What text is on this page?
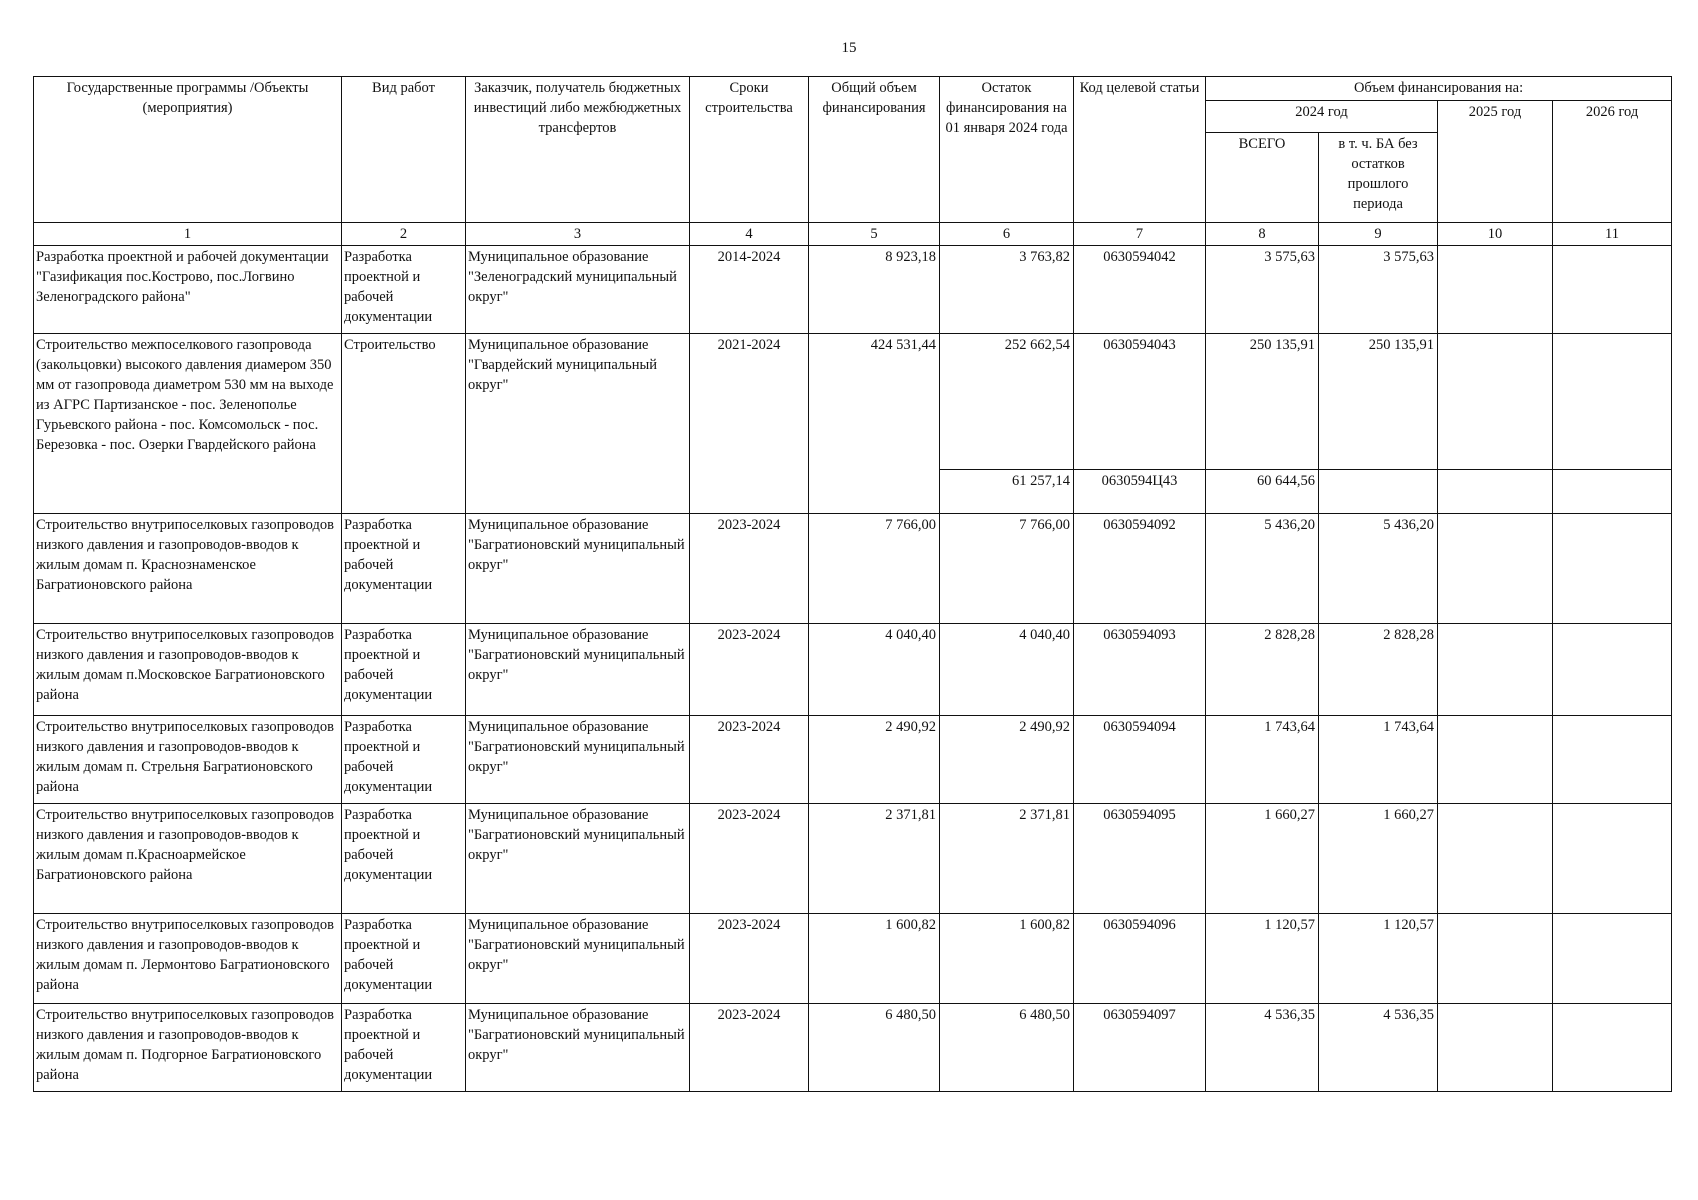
15
Государственные программы /Объекты (мероприятия)	Вид работ	Заказчик, получатель бюджетных инвестиций либо межбюджетных трансфертов	Сроки строительства	Общий объем финансирования	Остаток финансирования на 01 января 2024 года	Код целевой статьи	Объем финансирования на:			
							2024 год		2025 год	2026 год
							ВСЕГО	в т. ч. БА без остатков прошлого периода		
1	2	3	4	5	6	7	8	9	10	11
Разработка проектной и рабочей документации "Газификация пос.Кострово, пос.Логвино Зеленоградского района"	Разработка проектной и рабочей документации	Муниципальное образование "Зеленоградский муниципальный округ"	2014-2024	8 923,18	3 763,82	0630594042	3 575,63	3 575,63		
Строительство межпоселкового газопровода (закольцовки) высокого давления диамером 350 мм от газопровода диаметром 530 мм на выходе из АГРС Партизанское - пос. Зеленополье Гурьевского района - пос. Комсомольск - пос. Березовка - пос. Озерки Гвардейского района	Строительство	Муниципальное образование "Гвардейский муниципальный округ"	2021-2024	424 531,44	252 662,54	0630594043	250 135,91	250 135,91		
					61 257,14	0630594Ц43	60 644,56			
Строительство внутрипоселковых газопроводов низкого давления и газопроводов-вводов к жилым домам п. Краснознаменское Багратионовского района	Разработка проектной и рабочей документации	Муниципальное образование "Багратионовский муниципальный округ"	2023-2024	7 766,00	7 766,00	0630594092	5 436,20	5 436,20		
Строительство внутрипоселковых газопроводов низкого давления и газопроводов-вводов к жилым домам п.Московское Багратионовского района	Разработка проектной и рабочей документации	Муниципальное образование "Багратионовский муниципальный округ"	2023-2024	4 040,40	4 040,40	0630594093	2 828,28	2 828,28		
Строительство внутрипоселковых газопроводов низкого давления и газопроводов-вводов к жилым домам п. Стрельня Багратионовского района	Разработка проектной и рабочей документации	Муниципальное образование "Багратионовский муниципальный округ"	2023-2024	2 490,92	2 490,92	0630594094	1 743,64	1 743,64		
Строительство внутрипоселковых газопроводов низкого давления и газопроводов-вводов к жилым домам п.Красноармейское Багратионовского района	Разработка проектной и рабочей документации	Муниципальное образование "Багратионовский муниципальный округ"	2023-2024	2 371,81	2 371,81	0630594095	1 660,27	1 660,27		
Строительство внутрипоселковых газопроводов низкого давления и газопроводов-вводов к жилым домам п. Лермонтово Багратионовского района	Разработка проектной и рабочей документации	Муниципальное образование "Багратионовский муниципальный округ"	2023-2024	1 600,82	1 600,82	0630594096	1 120,57	1 120,57		
Строительство внутрипоселковых газопроводов низкого давления и газопроводов-вводов к жилым домам п. Подгорное Багратионовского района	Разработка проектной и рабочей документации	Муниципальное образование "Багратионовский муниципальный округ"	2023-2024	6 480,50	6 480,50	0630594097	4 536,35	4 536,35		
